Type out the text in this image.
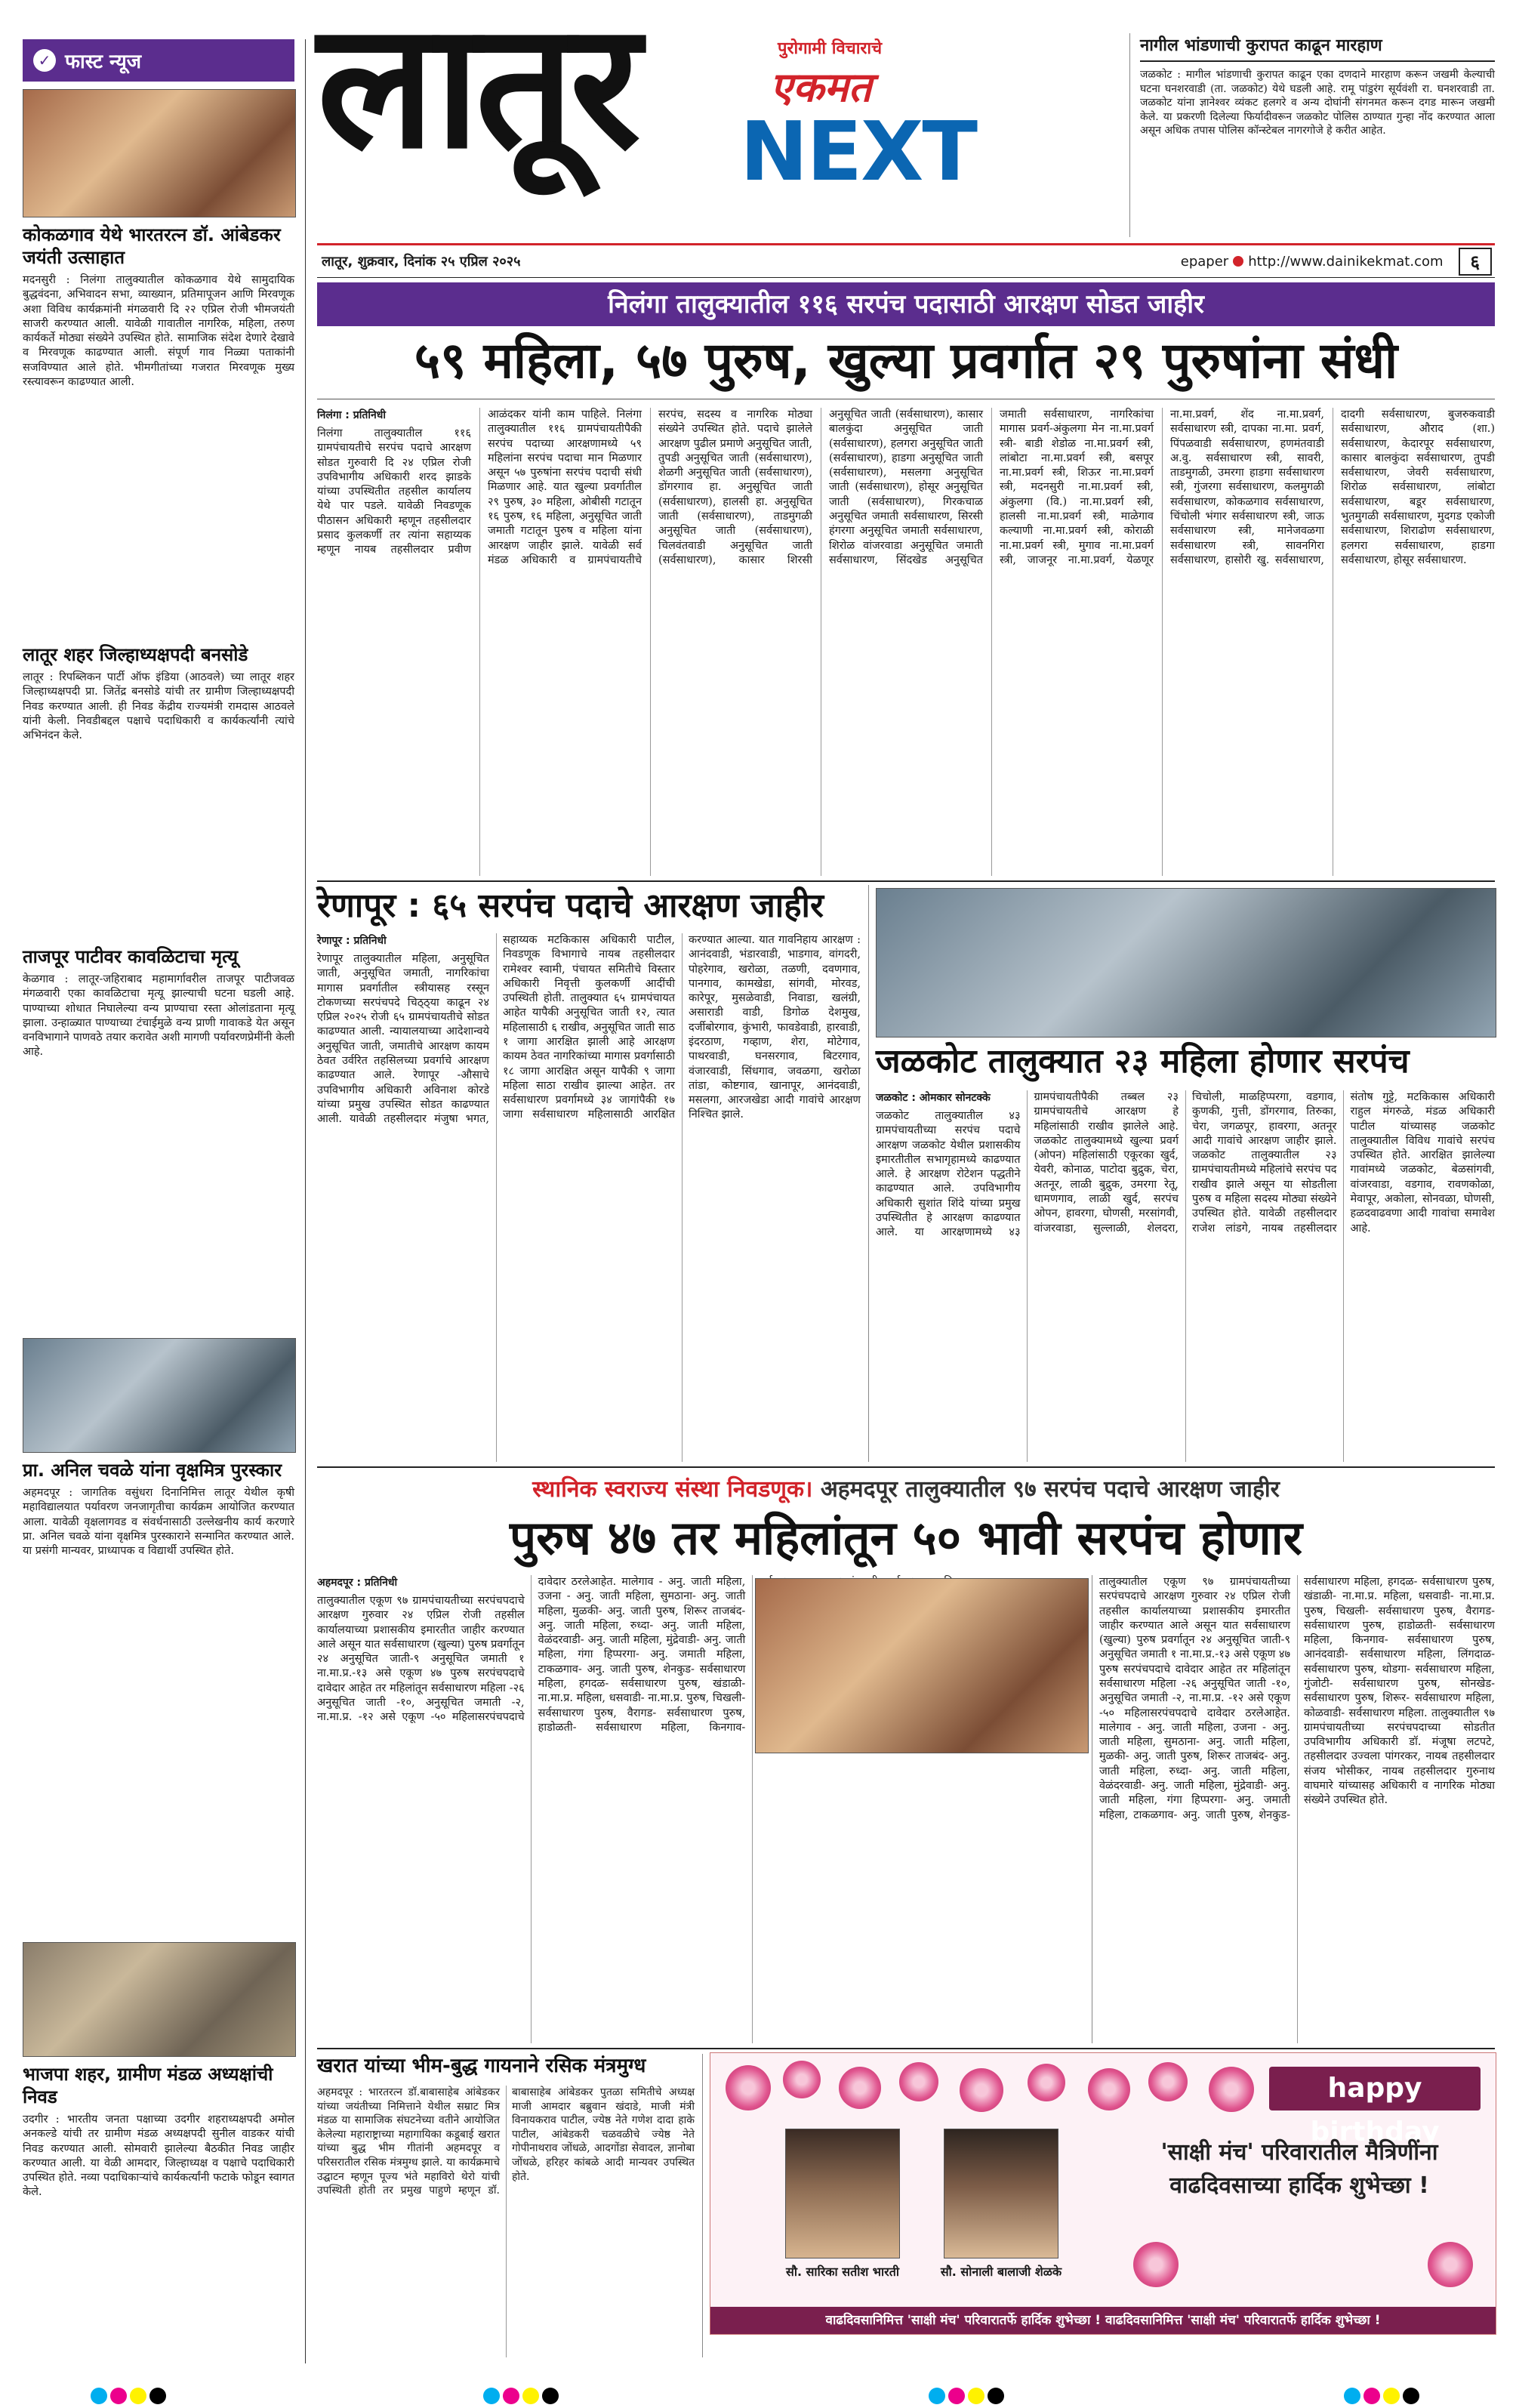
✓ फास्ट न्यूज
कोकळगाव येथे भारतरत्न डॉ. आंबेडकर जयंती उत्साहात

मदनसुरी : निलंगा तालुक्यातील कोकळगाव येथे सामुदायिक बुद्धवंदना, अभिवादन सभा, व्याख्यान, प्रतिमापूजन आणि मिरवणूक अशा विविध कार्यक्रमांनी मंगळवारी दि २२ एप्रिल रोजी भीमजयंती साजरी करण्यात आली. यावेळी गावातील नागरिक, महिला, तरुण कार्यकर्ते मोठ्या संख्येने उपस्थित होते. सामाजिक संदेश देणारे देखावे व मिरवणूक काढण्यात आली. संपूर्ण गाव निळ्या पताकांनी सजविण्यात आले होते. भीमगीतांच्या गजरात मिरवणूक मुख्य रस्त्यावरून काढण्यात आली.

लातूर शहर जिल्हाध्यक्षपदी बनसोडे

लातूर : रिपब्लिकन पार्टी ऑफ इंडिया (आठवले) च्या लातूर शहर जिल्हाध्यक्षपदी प्रा. जितेंद्र बनसोडे यांची तर ग्रामीण जिल्हाध्यक्षपदी निवड करण्यात आली. ही निवड केंद्रीय राज्यमंत्री रामदास आठवले यांनी केली. निवडीबद्दल पक्षाचे पदाधिकारी व कार्यकर्त्यांनी त्यांचे अभिनंदन केले.

ताजपूर पाटीवर कावळिटाचा मृत्यू

केळगाव : लातूर-जहिराबाद महामार्गावरील ताजपूर पाटीजवळ मंगळवारी एका कावळिटाचा मृत्यू झाल्याची घटना घडली आहे. पाण्याच्या शोधात निघालेल्या वन्य प्राण्याचा रस्ता ओलांडताना मृत्यू झाला. उन्हाळ्यात पाण्याच्या टंचाईमुळे वन्य प्राणी गावाकडे येत असून वनविभागाने पाणवठे तयार करावेत अशी मागणी पर्यावरणप्रेमींनी केली आहे.

प्रा. अनिल चवळे यांना वृक्षमित्र पुरस्कार

अहमदपूर : जागतिक वसुंधरा दिनानिमित्त लातूर येथील कृषी महाविद्यालयात पर्यावरण जनजागृतीचा कार्यक्रम आयोजित करण्यात आला. यावेळी वृक्षलागवड व संवर्धनासाठी उल्लेखनीय कार्य करणारे प्रा. अनिल चवळे यांना वृक्षमित्र पुरस्काराने सन्मानित करण्यात आले. या प्रसंगी मान्यवर, प्राध्यापक व विद्यार्थी उपस्थित होते.

भाजपा शहर, ग्रामीण मंडळ अध्यक्षांची निवड

उदगीर : भारतीय जनता पक्षाच्या उदगीर शहराध्यक्षपदी अमोल अनकल्डे यांची तर ग्रामीण मंडळ अध्यक्षपदी सुनील वाडकर यांची निवड करण्यात आली. सोमवारी झालेल्या बैठकीत निवड जाहीर करण्यात आली. या वेळी आमदार, जिल्हाध्यक्ष व पक्षाचे पदाधिकारी उपस्थित होते. नव्या पदाधिकाऱ्यांचे कार्यकर्त्यांनी फटाके फोडून स्वागत केले.

लातूर	पुरोगामी विचाराचे
एकमत
NEXT
नागील भांडणाची कुरापत काढून मारहाण

जळकोट : मागील भांडणाची कुरापत काढून एका दणदाने मारहाण करून जखमी केल्याची घटना घनशरवाडी (ता. जळकोट) येथे घडली आहे. रामू पांडुरंग सूर्यवंशी रा. घनशरवाडी ता. जळकोट यांना ज्ञानेश्वर व्यंकट हलगरे व अन्य दोघांनी संगनमत करून दगड मारून जखमी केले. या प्रकरणी दिलेल्या फिर्यादीवरून जळकोट पोलिस ठाण्यात गुन्हा नोंद करण्यात आला असून अधिक तपास पोलिस कॉन्स्टेबल नागरगोजे हे करीत आहेत.

लातूर, शुक्रवार, दिनांक २५ एप्रिल २०२५	epaper http://www.dainikekmat.com	६
निलंगा तालुक्यातील ११६ सरपंच पदासाठी आरक्षण सोडत जाहीर
५९ महिला, ५७ पुरुष, खुल्या प्रवर्गात २९ पुरुषांना संधी
निलंगा : प्रतिनिधी

निलंगा तालुक्यातील ११६ ग्रामपंचायतीचे सरपंच पदाचे आरक्षण सोडत गुरुवारी दि २४ एप्रिल रोजी उपविभागीय अधिकारी शरद झाडके यांच्या उपस्थितीत तहसील कार्यालय येथे पार पडले. यावेळी निवडणूक पीठासन अधिकारी म्हणून तहसीलदार प्रसाद कुलकर्णी तर त्यांना सहाय्यक म्हणून नायब तहसीलदार प्रवीण आळंदकर यांनी काम पाहिले. निलंगा तालुक्यातील ११६ ग्रामपंचायतीपैकी सरपंच पदाच्या आरक्षणामध्ये ५९ महिलांना सरपंच पदाचा मान मिळणार असून ५७ पुरुषांना सरपंच पदाची संधी मिळणार आहे. यात खुल्या प्रवर्गातील २९ पुरुष, ३० महिला, ओबीसी गटातून १६ पुरुष, १६ महिला, अनुसूचित जाती जमाती गटातून पुरुष व महिला यांना आरक्षण जाहीर झाले. यावेळी सर्व मंडळ अधिकारी व ग्रामपंचायतीचे सरपंच, सदस्य व नागरिक मोठ्या संख्येने उपस्थित होते. पदाचे झालेले आरक्षण पुढील प्रमाणे अनुसूचित जाती, तुपडी अनुसूचित जाती (सर्वसाधारण), शेळगी अनुसूचित जाती (सर्वसाधारण), डोंगरगाव हा. अनुसूचित जाती (सर्वसाधारण), हालसी हा. अनुसूचित जाती (सर्वसाधारण), ताडमुगळी अनुसूचित जाती (सर्वसाधारण), चिलवंतवाडी अनुसूचित जाती (सर्वसाधारण), कासार शिरसी अनुसूचित जाती (सर्वसाधारण), कासार बालकुंदा अनुसूचित जाती (सर्वसाधारण), हलगरा अनुसूचित जाती (सर्वसाधारण), हाडगा अनुसूचित जाती (सर्वसाधारण), मसलगा अनुसूचित जाती (सर्वसाधारण), होसूर अनुसूचित जाती (सर्वसाधारण), गिरकचाळ अनुसूचित जमाती सर्वसाधारण, सिरसी हंगरगा अनुसूचित जमाती सर्वसाधारण, शिरोळ वांजरवाडा अनुसूचित जमाती सर्वसाधारण, सिंदखेड अनुसूचित जमाती सर्वसाधारण, नागरिकांचा मागास प्रवर्ग-अंकुलगा मेन ना.मा.प्रवर्ग स्त्री- बाडी शेडोळ ना.मा.प्रवर्ग स्त्री, लांबोटा ना.मा.प्रवर्ग स्त्री, बसपूर ना.मा.प्रवर्ग स्त्री, शिऊर ना.मा.प्रवर्ग स्त्री, मदनसुरी ना.मा.प्रवर्ग स्त्री, अंकुलगा (वि.) ना.मा.प्रवर्ग स्त्री, हालसी ना.मा.प्रवर्ग स्त्री, माळेगाव कल्याणी ना.मा.प्रवर्ग स्त्री, कोराळी ना.मा.प्रवर्ग स्त्री, मुगाव ना.मा.प्रवर्ग स्त्री, जाजनूर ना.मा.प्रवर्ग, येळणूर ना.मा.प्रवर्ग, शेंद ना.मा.प्रवर्ग, सर्वसाधारण स्त्री, दापका ना.मा. प्रवर्ग, पिंपळवाडी सर्वसाधारण, हणमंतवाडी अ.वु. सर्वसाधारण स्त्री, सावरी, ताडमुगळी, उमरगा हाडगा सर्वसाधारण स्त्री, गुंजरगा सर्वसाधारण, कलमुगळी सर्वसाधारण, कोकळगाव सर्वसाधारण, चिंचोली भंगार सर्वसाधारण स्त्री, जाऊ सर्वसाधारण स्त्री, मानेजवळगा सर्वसाधारण स्त्री, सावनगिरा सर्वसाधारण, हासोरी खु. सर्वसाधारण, दादगी सर्वसाधारण, बुजरुकवाडी सर्वसाधारण, औराद (शा.) सर्वसाधारण, केदारपूर सर्वसाधारण, कासार बालकुंदा सर्वसाधारण, तुपडी सर्वसाधारण, जेवरी सर्वसाधारण, शिरोळ सर्वसाधारण, लांबोटा सर्वसाधारण, बडूर सर्वसाधारण, भुतमुगळी सर्वसाधारण, मुदगड एकोजी सर्वसाधारण, शिराढोण सर्वसाधारण, हलगरा सर्वसाधारण, हाडगा सर्वसाधारण, होसूर सर्वसाधारण.

रेणापूर : ६५ सरपंच पदाचे आरक्षण जाहीर
रेणापूर : प्रतिनिधी

रेणापूर तालुक्यातील महिला, अनुसूचित जाती, अनुसूचित जमाती, नागरिकांचा मागास प्रवर्गातील स्त्रीयासह रस्सून टोकणच्या सरपंचपदे चिठ्ठ्या काढून २४ एप्रिल २०२५ रोजी ६५ ग्रामपंचायतीचे सोडत काढण्यात आली. न्यायालयाच्या आदेशान्वये अनुसूचित जाती, जमातीचे आरक्षण कायम ठेवत उर्वरित तहसिलच्या प्रवर्गाचे आरक्षण काढण्यात आले. रेणापूर -औसाचे उपविभागीय अधिकारी अविनाश कोरडे यांच्या प्रमुख उपस्थित सोडत काढण्यात आली. यावेळी तहसीलदार मंजुषा भगत, सहाय्यक मटकिकास अधिकारी पाटील, निवडणूक विभागाचे नायब तहसीलदार रामेश्वर स्वामी, पंचायत समितीचे विस्तार अधिकारी निवृत्ती कुलकर्णी आदींची उपस्थिती होती. तालुक्यात ६५ ग्रामपंचायत आहेत यापैकी अनुसूचित जाती १२, त्यात महिलासाठी ६ राखीव, अनुसूचित जाती साठ १ जागा आरक्षित झाली आहे आरक्षण कायम ठेवत नागरिकांच्या मागास प्रवर्गासाठी १८ जागा आरक्षित असून यापैकी ९ जागा महिला साठा राखीव झाल्या आहेत. तर सर्वसाधारण प्रवर्गामध्ये ३४ जागांपैकी १७ जागा सर्वसाधारण महिलासाठी आरक्षित करण्यात आल्या. यात गावनिहाय आरक्षण : आनंदवाडी, भंडारवाडी, भाडगाव, वांगदरी, पोहरेगाव, खरोळा, तळणी, दवणगाव, पानगाव, कामखेडा, सांगवी, मोरवड, कारेपूर, मुसळेवाडी, निवाडा, खलंग्री, असाराडी वाडी, डिगोळ देशमुख, दर्जीबोरगाव, कुंभारी, फावडेवाडी, हारवाडी, इंदरठाण, गव्हाण, शेरा, मोटेगाव, पाथरवाडी, घनसरगाव, बिटरगाव, वंजारवाडी, सिंधगाव, जवळगा, खरोळा तांडा, कोष्टगाव, खानापूर, आनंदवाडी, मसलगा, आरजखेडा आदी गावांचे आरक्षण निश्चित झाले.

जळकोट तालुक्यात २३ महिला होणार सरपंच
जळकोट : ओमकार सोनटक्के

जळकोट तालुक्यातील ४३ ग्रामपंचायतीच्या सरपंच पदाचे आरक्षण जळकोट येथील प्रशासकीय इमारतीतील सभागृहामध्ये काढण्यात आले. हे आरक्षण रोटेशन पद्धतीने काढण्यात आले. उपविभागीय अधिकारी सुशांत शिंदे यांच्या प्रमुख उपस्थितीत हे आरक्षण काढण्यात आले. या आरक्षणामध्ये ४३ ग्रामपंचायतीपैकी तब्बल २३ ग्रामपंचायतीचे आरक्षण हे महिलांसाठी राखीव झालेले आहे. जळकोट तालुक्यामध्ये खुल्या प्रवर्ग (ओपन) महिलांसाठी एकूरका खुर्द, येवरी, कोनाळ, पाटोदा बुद्रुक, चेरा, अतनूर, लाळी बुद्रुक, उमरगा रेतू, धामणगाव, लाळी खुर्द, सरपंच ओपन, हावरगा, घोणसी, मरसांगवी, वांजरवाडा, सुल्लाळी, शेलदरा, चिचोली, माळहिप्परगा, वडगाव, कुणकी, गुत्ती, डोंगरगाव, तिरुका, चेरा, जगळपूर, हावरगा, अतनूर आदी गावांचे आरक्षण जाहीर झाले. जळकोट तालुक्यातील २३ ग्रामपंचायतीमध्ये महिलांचे सरपंच पद राखीव झाले असून या सोडतीला पुरुष व महिला सदस्य मोठ्या संख्येने उपस्थित होते. यावेळी तहसीलदार राजेश लांडगे, नायब तहसीलदार संतोष गुट्टे, मटकिकास अधिकारी राहुल मंगरुळे, मंडळ अधिकारी पाटील यांच्यासह जळकोट तालुक्यातील विविध गावांचे सरपंच उपस्थित होते. आरक्षित झालेल्या गावांमध्ये जळकोट, बेळसांगवी, वांजरवाडा, वडगाव, रावणकोळा, मेवापूर, अकोला, सोनवळा, घोणसी, हळदवाढवणा आदी गावांचा समावेश आहे.

स्थानिक स्वराज्य संस्था निवडणूक। अहमदपूर तालुक्यातील ९७ सरपंच पदाचे आरक्षण जाहीर
पुरुष ४७ तर महिलांतून ५० भावी सरपंच होणार
अहमदपूर : प्रतिनिधी

तालुक्यातील एकूण ९७ ग्रामपंचायतीच्या सरपंचपदाचे आरक्षण गुरुवार २४ एप्रिल रोजी तहसील कार्यालयाच्या प्रशासकीय इमारतीत जाहीर करण्यात आले असून यात सर्वसाधारण (खुल्या) पुरुष प्रवर्गातून २४ अनुसूचित जाती-९ अनुसूचित जमाती १ ना.मा.प्र.-१३ असे एकूण ४७ पुरुष सरपंचपदाचे दावेदार आहेत तर महिलांतून सर्वसाधारण महिला -२६ अनुसूचित जाती -१०, अनुसूचित जमाती -२, ना.मा.प्र. -१२ असे एकूण -५० महिलासरपंचपदाचे दावेदार ठरलेआहेत. मालेगाव - अनु. जाती महिला, उजना - अनु. जाती महिला, सुमठाना- अनु. जाती महिला, मुळकी- अनु. जाती पुरुष, शिरूर ताजबंद- अनु. जाती महिला, रुध्दा- अनु. जाती महिला, वेळंदरवाडी- अनु. जाती महिला, मुंद्रेवाडी- अनु. जाती महिला, गंगा हिप्परगा- अनु. जमाती महिला, टाकळगाव- अनु. जाती पुरुष, शेनकुड- सर्वसाधारण महिला, हगदळ- सर्वसाधारण पुरुष, खंडाळी- ना.मा.प्र. महिला, धसवाडी- ना.मा.प्र. पुरुष, चिखली- सर्वसाधारण पुरुष, वैरागड- सर्वसाधारण पुरुष, हाडोळती- सर्वसाधारण महिला, किनगाव-

तालुक्यातील एकूण ९७ ग्रामपंचायतीच्या सरपंचपदाचे आरक्षण गुरुवार २४ एप्रिल रोजी तहसील कार्यालयाच्या प्रशासकीय इमारतीत जाहीर करण्यात आले असून यात सर्वसाधारण (खुल्या) पुरुष प्रवर्गातून २४ अनुसूचित जाती-९ अनुसूचित जमाती १ ना.मा.प्र.-१३ असे एकूण ४७ पुरुष सरपंचपदाचे दावेदार आहेत तर महिलांतून सर्वसाधारण महिला -२६ अनुसूचित जाती -१०, अनुसूचित जमाती -२, ना.मा.प्र. -१२ असे एकूण -५० महिलासरपंचपदाचे दावेदार ठरलेआहेत. मालेगाव - अनु. जाती महिला, उजना - अनु. जाती महिला, सुमठाना- अनु. जाती महिला, मुळकी- अनु. जाती पुरुष, शिरूर ताजबंद- अनु. जाती महिला, रुध्दा- अनु. जाती महिला, वेळंदरवाडी- अनु. जाती महिला, मुंद्रेवाडी- अनु. जाती महिला, गंगा हिप्परगा- अनु. जमाती महिला, टाकळगाव- अनु. जाती पुरुष, शेनकुड- सर्वसाधारण महिला, हगदळ- सर्वसाधारण पुरुष, खंडाळी- ना.मा.प्र. महिला, धसवाडी- ना.मा.प्र. पुरुष, चिखली- सर्वसाधारण पुरुष, वैरागड- सर्वसाधारण पुरुष, हाडोळती- सर्वसाधारण महिला, किनगाव- सर्वसाधारण पुरुष, आनंदवाडी- सर्वसाधारण महिला, लिंगदाळ- सर्वसाधारण पुरुष, थोडगा- सर्वसाधारण महिला, गुंजोटी- सर्वसाधारण पुरुष, सोनखेड- सर्वसाधारण पुरुष, शिरूर- सर्वसाधारण महिला, कोळवाडी- सर्वसाधारण महिला. तालुक्यातील ९७ ग्रामपंचायतीच्या सरपंचपदाच्या सोडतीत उपविभागीय अधिकारी डॉ. मंजूषा लटपटे, तहसीलदार उज्वला पांगरकर, नायब तहसीलदार संजय भोसीकर, नायब तहसीलदार गुरुनाथ वाघमारे यांच्यासह अधिकारी व नागरिक मोठ्या संख्येने उपस्थित होते.

खरात यांच्या भीम-बुद्ध गायनाने रसिक मंत्रमुग्ध

अहमदपूर : भारतरत्न डॉ.बाबासाहेब आंबेडकर यांच्या जयंतीच्या निमित्ताने येथील सम्राट मित्र मंडळ या सामाजिक संघटनेच्या वतीने आयोजित केलेल्या महाराष्ट्राच्या महागायिका कडूबाई खरात यांच्या बुद्ध भीम गीतांनी अहमदपूर व परिसरातील रसिक मंत्रमुग्ध झाले. या कार्यक्रमाचे उद्घाटन म्हणून पूज्य भंते महाविरो थेरो यांची उपस्थिती होती तर प्रमुख पाहुणे म्हणून डॉ. बाबासाहेब आंबेडकर पुतळा समितीचे अध्यक्ष माजी आमदार बब्रुवान खंदाडे, माजी मंत्री विनायकराव पाटील, ज्येष्ठ नेते गणेश दादा हाके पाटील, आंबेडकरी चळवळीचे ज्येष्ठ नेते गोपीनाथराव जोंधळे, आदगोंडा सेवादल, ज्ञानोबा जोंधळे, हरिहर कांबळे आदी मान्यवर उपस्थित होते.

happy birthday
सौ. सारिका सतीश भारती	सौ. सोनाली बालाजी शेळके
'साक्षी मंच' परिवारातील मैत्रिणींना वाढदिवसाच्या हार्दिक शुभेच्छा !
वाढदिवसानिमित्त 'साक्षी मंच' परिवारातर्फे हार्दिक शुभेच्छा ! वाढदिवसानिमित्त 'साक्षी मंच' परिवारातर्फे हार्दिक शुभेच्छा !
